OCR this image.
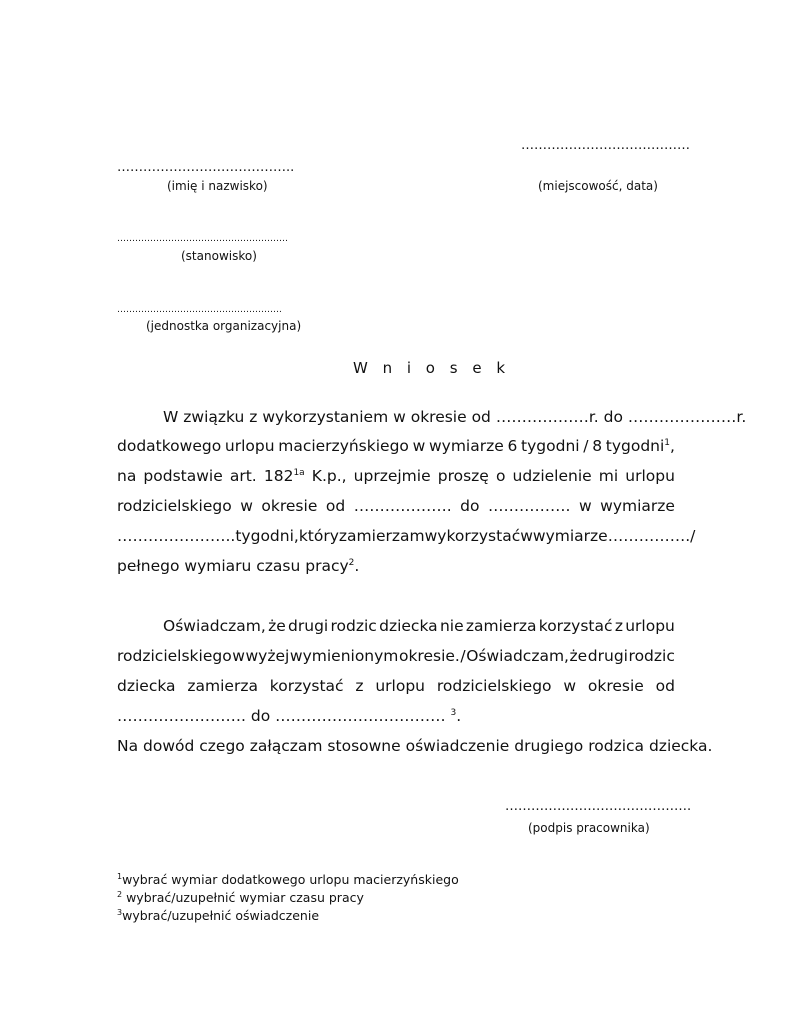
…………………………………
…………………………………..
(imię i nazwisko)	(miejscowość, data)
…………………………………………………
(stanowisko)
……………………………………………….
(jednostka organizacyjna)
W n i o s e k
W związku z wykorzystaniem w okresie od ………………r. do …………………r.
dodatkowego urlopu macierzyńskiego w wymiarze 6 tygodni / 8 tygodni$^1$,
na podstawie art. $182^{1a}$ K.p., uprzejmie proszę o udzielenie mi urlopu
rodzicielskiego w okresie od ………………. do ……………. w wymiarze
………………….. tygodni, który zamierzam wykorzystać w wymiarze ……………./
pełnego wymiaru czasu pracy$^2$.
Oświadczam, że drugi rodzic dziecka nie zamierza korzystać z urlopu
rodzicielskiego w wyżej wymienionym okresie. / Oświadczam, że drugi rodzic
dziecka zamierza korzystać z urlopu rodzicielskiego w okresie od
……………………. do …………………………… $^3$.
Na dowód czego załączam stosowne oświadczenie drugiego rodzica dziecka.
…………………………………….
(podpis pracownika)
$^1$wybrać wymiar dodatkowego urlopu macierzyńskiego
$^2$ wybrać/uzupełnić wymiar czasu pracy
$^3$wybrać/uzupełnić oświadczenie
